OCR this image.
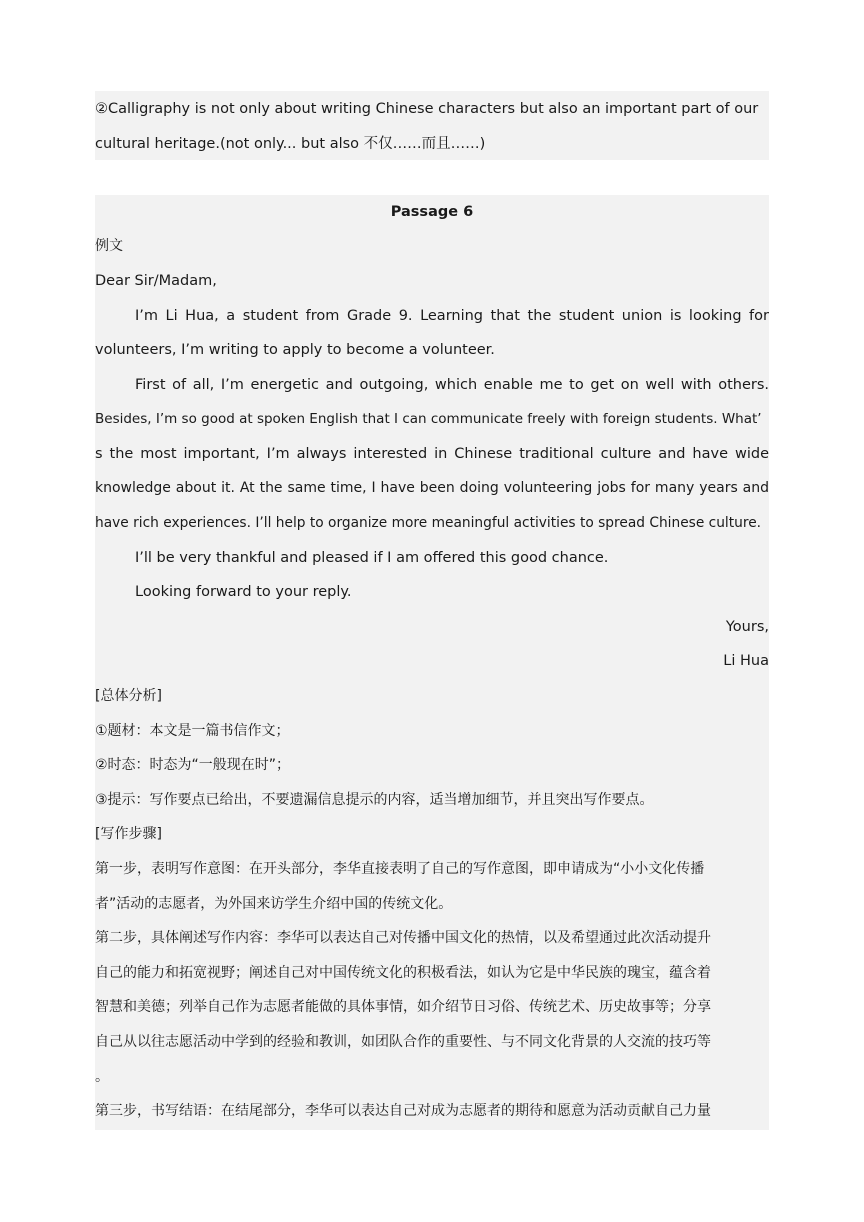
②Calligraphy is not only about writing Chinese characters but also an important part of our
cultural heritage.(not only... but also 不仅……而且……)
Passage 6
例文
Dear Sir/Madam,
I’m Li Hua, a student from Grade 9. Learning that the student union is looking for
volunteers, I’m writing to apply to become a volunteer.
First of all, I’m energetic and outgoing, which enable me to get on well with others.
Besides, I’m so good at spoken English that I can communicate freely with foreign students. What’
s the most important, I’m always interested in Chinese traditional culture and have wide
knowledge about it. At the same time, I have been doing volunteering jobs for many years and
have rich experiences. I’ll help to organize more meaningful activities to spread Chinese culture.
I’ll be very thankful and pleased if I am offered this good chance.
Looking forward to your reply.
Yours,
Li Hua
[总体分析]
①题材：本文是一篇书信作文；
②时态：时态为“一般现在时”；
③提示：写作要点已给出，不要遗漏信息提示的内容，适当增加细节，并且突出写作要点。
[写作步骤]
第一步，表明写作意图：在开头部分，李华直接表明了自己的写作意图，即申请成为“小小文化传播
者”活动的志愿者，为外国来访学生介绍中国的传统文化。
第二步，具体阐述写作内容：李华可以表达自己对传播中国文化的热情，以及希望通过此次活动提升
自己的能力和拓宽视野；阐述自己对中国传统文化的积极看法，如认为它是中华民族的瑰宝，蕴含着
智慧和美德；列举自己作为志愿者能做的具体事情，如介绍节日习俗、传统艺术、历史故事等；分享
自己从以往志愿活动中学到的经验和教训，如团队合作的重要性、与不同文化背景的人交流的技巧等
。
第三步，书写结语：在结尾部分，李华可以表达自己对成为志愿者的期待和愿意为活动贡献自己力量
